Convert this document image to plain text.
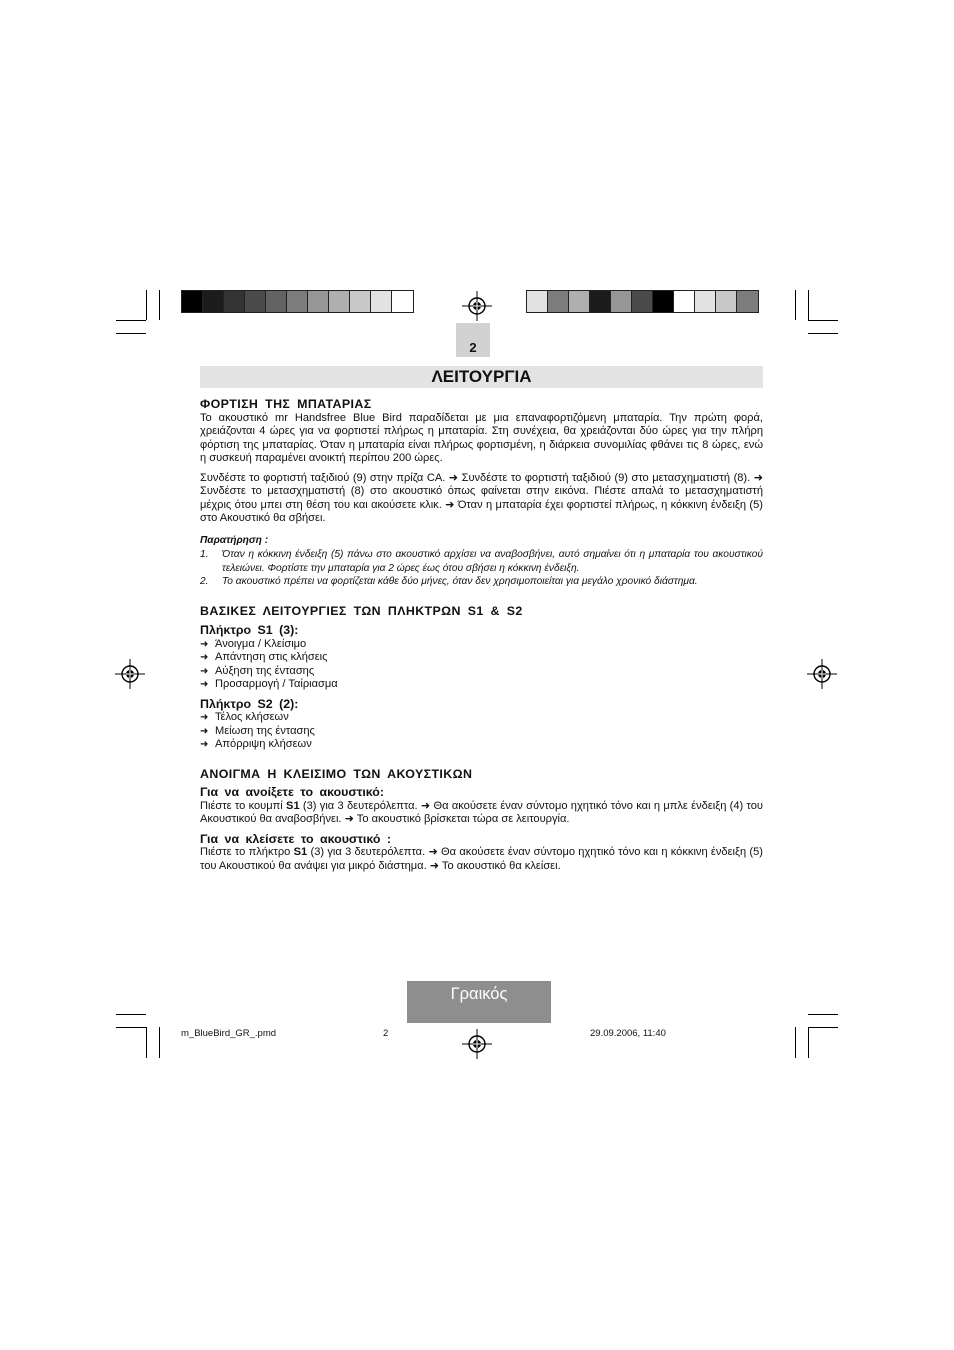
2
ΛΕΙΤΟΥΡΓΙΑ
ΦΟΡΤΙΣΗ ΤΗΣ ΜΠΑΤΑΡΙΑΣ

Το ακουστικό mr Handsfree Blue Bird παραδίδεται με μια επαναφορτιζόμενη μπαταρία. Την πρώτη φορά, χρειάζονται 4 ώρες για να φορτιστεί πλήρως η μπαταρία. Στη συνέχεια, θα χρειάζονται δύο ώρες για την πλήρη φόρτιση της μπαταρίας. Όταν η μπαταρία είναι πλήρως φορτισμένη, η διάρκεια συνομιλίας φθάνει τις 8 ώρες, ενώ η συσκευή παραμένει ανοικτή περίπου 200 ώρες.

Συνδέστε το φορτιστή ταξιδιού (9) στην πρίζα CA. ➜ Συνδέστε το φορτιστή ταξιδιού (9) στο μετασχηματιστή (8). ➜ Συνδέστε το μετασχηματιστή (8) στο ακουστικό όπως φαίνεται στην εικόνα. Πιέστε απαλά το μετασχηματιστή μέχρις ότου μπει στη θέση του και ακούσετε κλικ. ➜ Όταν η μπαταρία έχει φορτιστεί πλήρως, η κόκκινη ένδειξη (5) στο Ακουστικό θα σβήσει.

Παρατήρηση :
1.	Όταν η κόκκινη ένδειξη (5) πάνω στο ακουστικό αρχίσει να αναβοσβήνει, αυτό σημαίνει ότι η μπαταρία του ακουστικού τελειώνει. Φορτίστε την μπαταρία για 2 ώρες έως ότου σβήσει η κόκκινη ένδειξη.
2.	Το ακουστικό πρέπει να φορτίζεται κάθε δύο μήνες, όταν δεν χρησιμοποιείται για μεγάλο χρονικό διάστημα.
ΒΑΣΙΚΕΣ ΛΕΙΤΟΥΡΓΙΕΣ ΤΩΝ ΠΛΗΚΤΡΩΝ S1 & S2
Πλήκτρο S1 (3):
➜ Άνοιγμα / Κλείσιμο
➜ Απάντηση στις κλήσεις
➜ Αύξηση της έντασης
➜ Προσαρμογή / Ταίριασμα
Πλήκτρο S2 (2):
➜ Τέλος κλήσεων
➜ Μείωση της έντασης
➜ Απόρριψη κλήσεων
ΑΝΟΙΓΜΑ Η ΚΛΕΙΣΙΜΟ ΤΩΝ ΑΚΟΥΣΤΙΚΩΝ
Για να ανοίξετε το ακουστικό:

Πιέστε το κουμπί S1 (3) για 3 δευτερόλεπτα. ➜ Θα ακούσετε έναν σύντομο ηχητικό τόνο και η μπλε ένδειξη (4) του Ακουστικού θα αναβοσβήνει. ➜ Το ακουστικό βρίσκεται τώρα σε λειτουργία.

Για να κλείσετε το ακουστικό :

Πιέστε το πλήκτρο S1 (3) για 3 δευτερόλεπτα. ➜ Θα ακούσετε έναν σύντομο ηχητικό τόνο και η κόκκινη ένδειξη (5) του Ακουστικού θα ανάψει για μικρό διάστημα. ➜ Το ακουστικό θα κλείσει.

Γραικός
m_BlueBird_GR_.pmd	2	29.09.2006, 11:40
